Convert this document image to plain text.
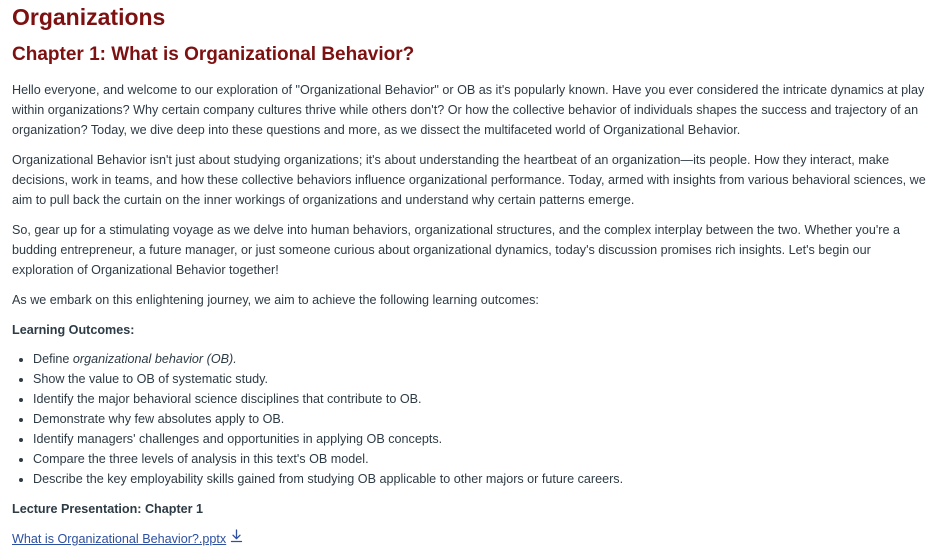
Organizations
Chapter 1: What is Organizational Behavior?

Hello everyone, and welcome to our exploration of "Organizational Behavior" or OB as it's popularly known. Have you ever considered the intricate dynamics at play within organizations? Why certain company cultures thrive while others don't? Or how the collective behavior of individuals shapes the success and trajectory of an organization? Today, we dive deep into these questions and more, as we dissect the multifaceted world of Organizational Behavior.

Organizational Behavior isn't just about studying organizations; it's about understanding the heartbeat of an organization—its people. How they interact, make decisions, work in teams, and how these collective behaviors influence organizational performance. Today, armed with insights from various behavioral sciences, we aim to pull back the curtain on the inner workings of organizations and understand why certain patterns emerge.

So, gear up for a stimulating voyage as we delve into human behaviors, organizational structures, and the complex interplay between the two. Whether you're a budding entrepreneur, a future manager, or just someone curious about organizational dynamics, today's discussion promises rich insights. Let's begin our exploration of Organizational Behavior together!

As we embark on this enlightening journey, we aim to achieve the following learning outcomes:

Learning Outcomes:
• Define organizational behavior (OB).
• Show the value to OB of systematic study.
• Identify the major behavioral science disciplines that contribute to OB.
• Demonstrate why few absolutes apply to OB.
• Identify managers' challenges and opportunities in applying OB concepts.
• Compare the three levels of analysis in this text's OB model.
• Describe the key employability skills gained from studying OB applicable to other majors or future careers.
Lecture Presentation: Chapter 1
What is Organizational Behavior?.pptx
